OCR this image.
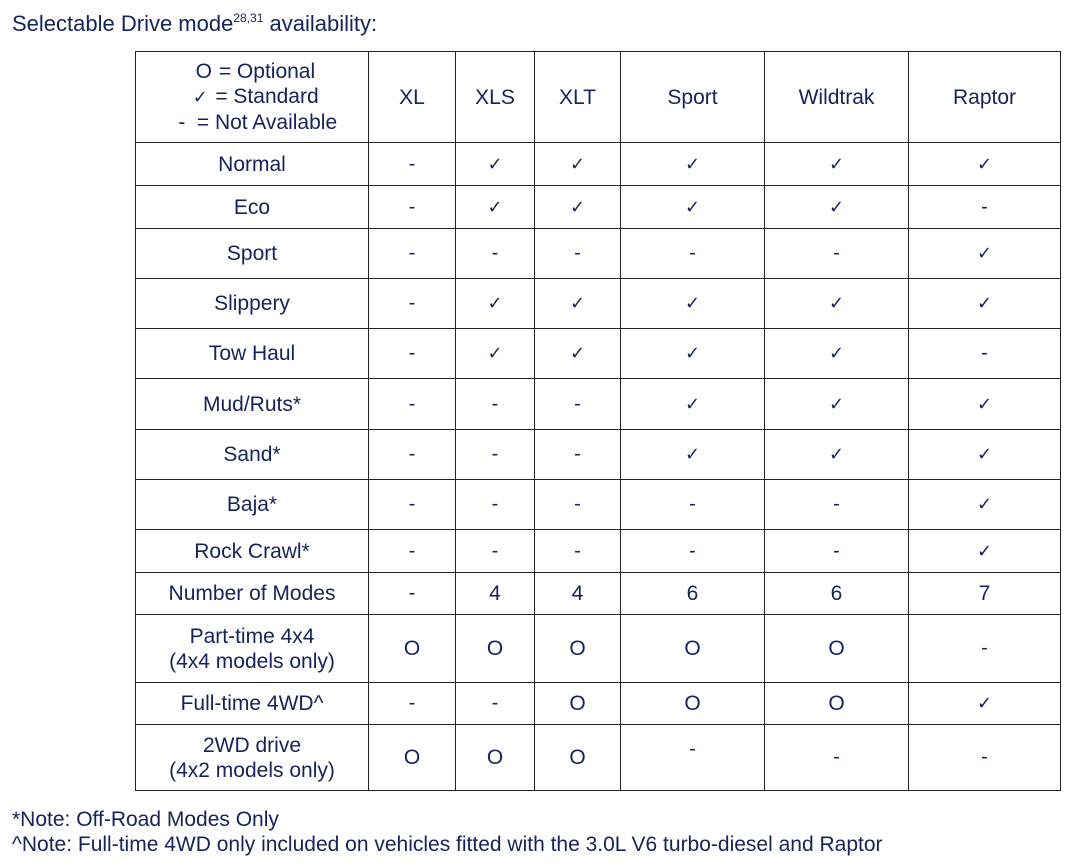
Selectable Drive mode$^{28,31}$ availability:
O = Optional
✓ = Standard
- = Not Available	XL	XLS	XLT	Sport	Wildtrak	Raptor
Normal	-	✓	✓	✓	✓	✓
Eco	-	✓	✓	✓	✓	-
Sport	-	-	-	-	-	✓
Slippery	-	✓	✓	✓	✓	✓
Tow Haul	-	✓	✓	✓	✓	-
Mud/Ruts*	-	-	-	✓	✓	✓
Sand*	-	-	-	✓	✓	✓
Baja*	-	-	-	-	-	✓
Rock Crawl*	-	-	-	-	-	✓
Number of Modes	-	4	4	6	6	7

Part-time 4x4
(4x4 models only)	O	O	O	O	O	-
Full-time 4WD^	-	-	O	O	O	✓

2WD drive
(4x2 models only)	O	O	O	-	-	-
*Note: Off-Road Modes Only
^Note: Full-time 4WD only included on vehicles fitted with the 3.0L V6 turbo-diesel and Raptor
